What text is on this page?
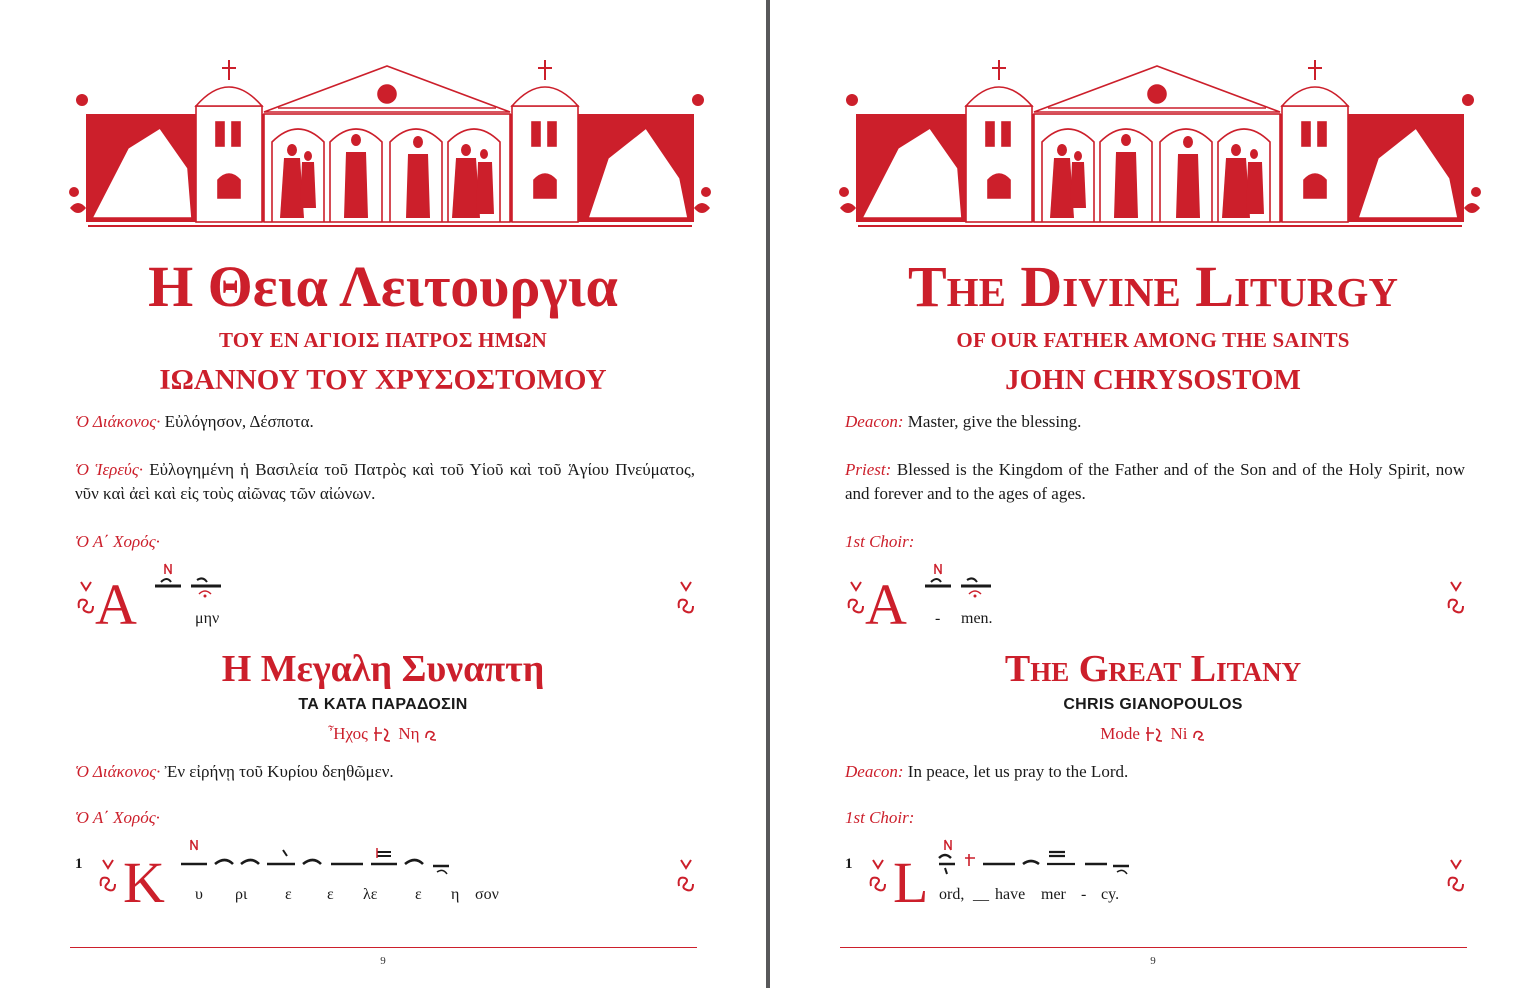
Η Θεια Λειτουργια
ΤΟΥ ΕΝ ΑΓΙΟΙΣ ΠΑΤΡΟΣ ΗΜΩΝ
ΙΩΑΝΝΟΥ ΤΟΥ ΧΡΥΣΟΣΤΟΜΟΥ
Ὁ Διάκονος· Εὐλόγησον, Δέσποτα.
Ὁ Ἱερεύς· Εὐλογημένη ἡ Βασιλεία τοῦ Πατρὸς καὶ τοῦ Υἱοῦ καὶ τοῦ Ἁγίου Πνεύματος, νῦν καὶ ἀεὶ καὶ εἰς τοὺς αἰῶνας τῶν αἰώνων.
Ὁ Α΄ Χορός·
Α	μην
Η Μεγαλη Συναπτη
ΤΑ ΚΑΤΑ ΠΑΡΑΔΟΣΙΝ
Ἦχος Νη
Ὁ Διάκονος· Ἐν εἰρήνῃ τοῦ Κυρίου δεηθῶμεν.
Ὁ Α΄ Χορός·
1 Κ υ ρι ε ε λε ε η σον
9
The Divine Liturgy
OF OUR FATHER AMONG THE SAINTS
JOHN CHRYSOSTOM
Deacon: Master, give the blessing.
Priest: Blessed is the Kingdom of the Father and of the Son and of the Holy Spirit, now and forever and to the ages of ages.
1st Choir:
A - men.
The Great Litany
CHRIS GIANOPOULOS
Mode Ni
Deacon: In peace, let us pray to the Lord.
1st Choir:
1 L ord, __ have mer - cy.
9
